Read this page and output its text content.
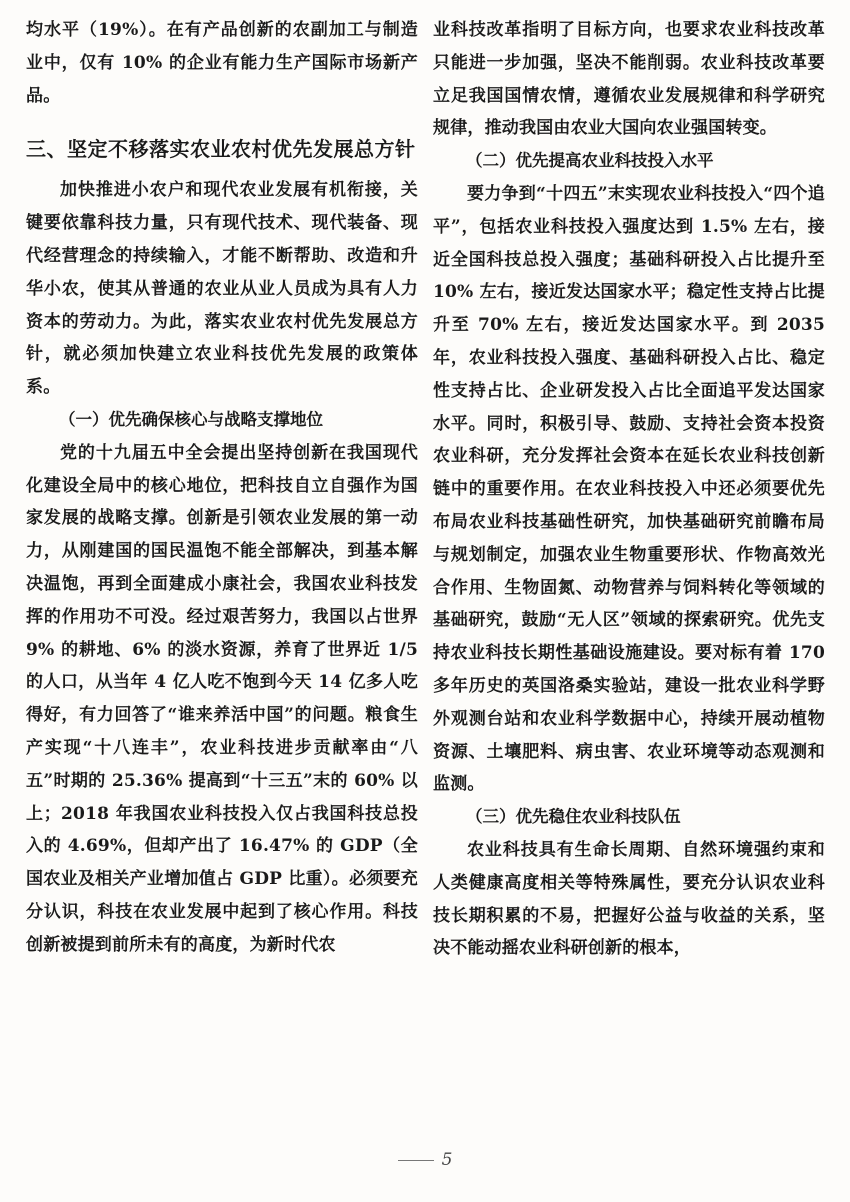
均水平（19%）。在有产品创新的农副加工与制造业中，仅有 10% 的企业有能力生产国际市场新产品。

三、坚定不移落实农业农村优先发展总方针

加快推进小农户和现代农业发展有机衔接，关键要依靠科技力量，只有现代技术、现代装备、现代经营理念的持续输入，才能不断帮助、改造和升华小农，使其从普通的农业从业人员成为具有人力资本的劳动力。为此，落实农业农村优先发展总方针，就必须加快建立农业科技优先发展的政策体系。

（一）优先确保核心与战略支撑地位

党的十九届五中全会提出坚持创新在我国现代化建设全局中的核心地位，把科技自立自强作为国家发展的战略支撑。创新是引领农业发展的第一动力，从刚建国的国民温饱不能全部解决，到基本解决温饱，再到全面建成小康社会，我国农业科技发挥的作用功不可没。经过艰苦努力，我国以占世界 9% 的耕地、6% 的淡水资源，养育了世界近 1/5 的人口，从当年 4 亿人吃不饱到今天 14 亿多人吃得好，有力回答了“谁来养活中国”的问题。粮食生产实现“十八连丰”，农业科技进步贡献率由“八五”时期的 25.36% 提高到“十三五”末的 60% 以上；2018 年我国农业科技投入仅占我国科技总投入的 4.69%，但却产出了 16.47% 的 GDP（全国农业及相关产业增加值占 GDP 比重）。必须要充分认识，科技在农业发展中起到了核心作用。科技创新被提到前所未有的高度，为新时代农

业科技改革指明了目标方向，也要求农业科技改革只能进一步加强，坚决不能削弱。农业科技改革要立足我国国情农情，遵循农业发展规律和科学研究规律，推动我国由农业大国向农业强国转变。

（二）优先提高农业科技投入水平

要力争到“十四五”末实现农业科技投入“四个追平”，包括农业科技投入强度达到 1.5% 左右，接近全国科技总投入强度；基础科研投入占比提升至 10% 左右，接近发达国家水平；稳定性支持占比提升至 70% 左右，接近发达国家水平。到 2035 年，农业科技投入强度、基础科研投入占比、稳定性支持占比、企业研发投入占比全面追平发达国家水平。同时，积极引导、鼓励、支持社会资本投资农业科研，充分发挥社会资本在延长农业科技创新链中的重要作用。在农业科技投入中还必须要优先布局农业科技基础性研究，加快基础研究前瞻布局与规划制定，加强农业生物重要形状、作物高效光合作用、生物固氮、动物营养与饲料转化等领域的基础研究，鼓励“无人区”领域的探索研究。优先支持农业科技长期性基础设施建设。要对标有着 170 多年历史的英国洛桑实验站，建设一批农业科学野外观测台站和农业科学数据中心，持续开展动植物资源、土壤肥料、病虫害、农业环境等动态观测和监测。

（三）优先稳住农业科技队伍

农业科技具有生命长周期、自然环境强约束和人类健康高度相关等特殊属性，要充分认识农业科技长期积累的不易，把握好公益与收益的关系，坚决不能动摇农业科研创新的根本，

5
